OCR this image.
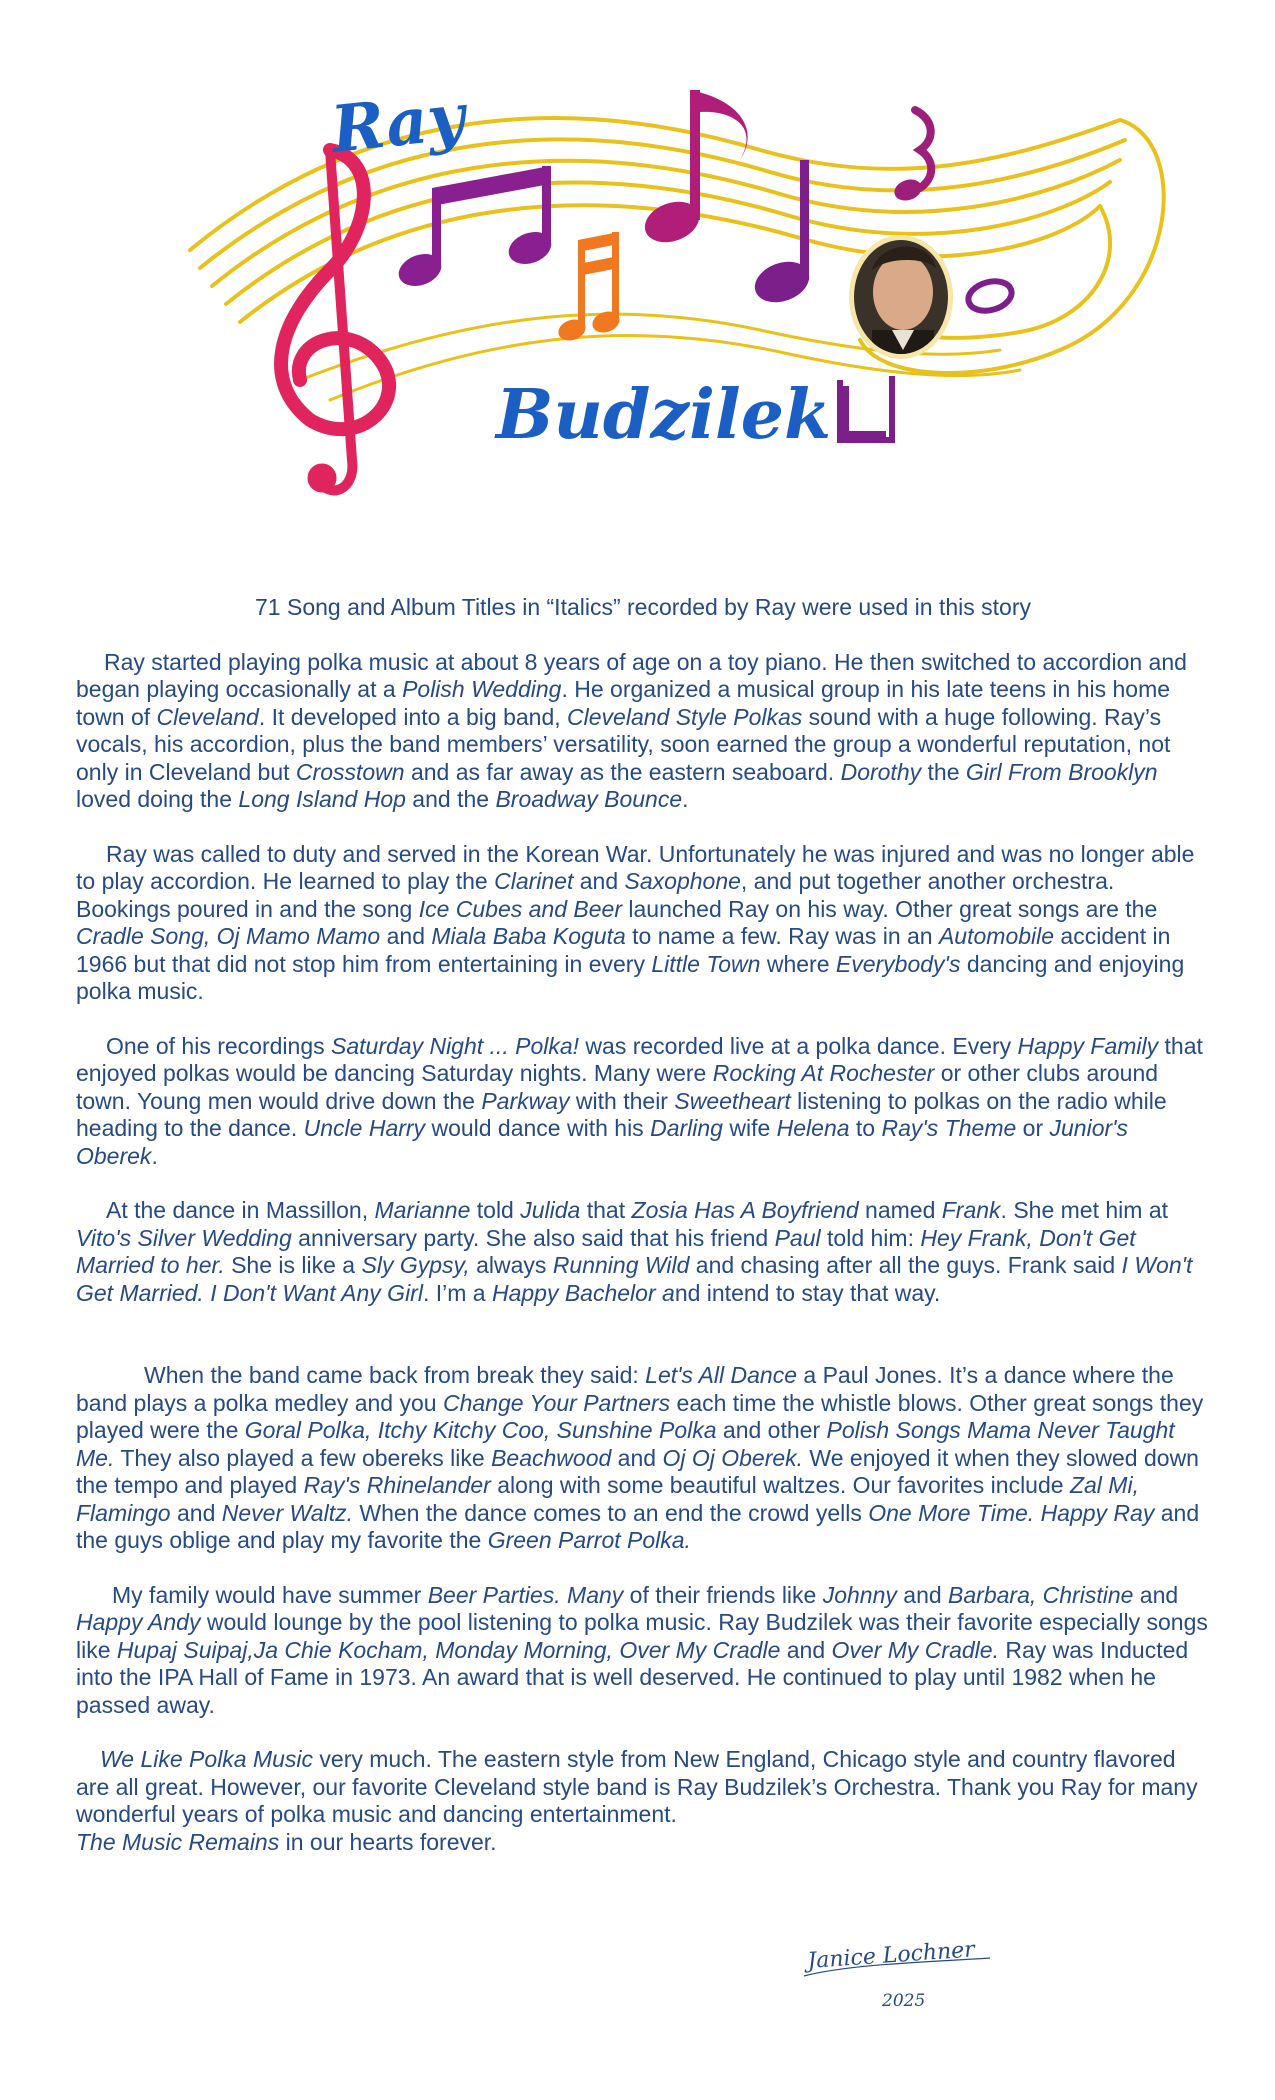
Ray
Budzilek

71 Song and Album Titles in “Italics” recorded by Ray were used in this story

Ray started playing polka music at about 8 years of age on a toy piano. He then switched to accordion and began playing occasionally at a Polish Wedding. He organized a musical group in his late teens in his home town of Cleveland. It developed into a big band, Cleveland Style Polkas sound with a huge following. Ray’s vocals, his accordion, plus the band members’ versatility, soon earned the group a wonderful reputation, not only in Cleveland but Crosstown and as far away as the eastern seaboard. Dorothy the Girl From Brooklyn loved doing the Long Island Hop and the Broadway Bounce.

Ray was called to duty and served in the Korean War. Unfortunately he was injured and was no longer able to play accordion. He learned to play the Clarinet and Saxophone, and put together another orchestra. Bookings poured in and the song Ice Cubes and Beer launched Ray on his way. Other great songs are the Cradle Song, Oj Mamo Mamo and Miala Baba Koguta to name a few. Ray was in an Automobile accident in 1966 but that did not stop him from entertaining in every Little Town where Everybody's dancing and enjoying polka music.

One of his recordings Saturday Night ... Polka! was recorded live at a polka dance. Every Happy Family that enjoyed polkas would be dancing Saturday nights. Many were Rocking At Rochester or other clubs around town. Young men would drive down the Parkway with their Sweetheart listening to polkas on the radio while heading to the dance. Uncle Harry would dance with his Darling wife Helena to Ray's Theme or Junior's Oberek.

At the dance in Massillon, Marianne told Julida that Zosia Has A Boyfriend named Frank. She met him at Vito's Silver Wedding anniversary party. She also said that his friend Paul told him: Hey Frank, Don't Get Married to her. She is like a Sly Gypsy, always Running Wild and chasing after all the guys. Frank said I Won't Get Married. I Don't Want Any Girl. I’m a Happy Bachelor and intend to stay that way.

When the band came back from break they said: Let's All Dance a Paul Jones. It’s a dance where the band plays a polka medley and you Change Your Partners each time the whistle blows. Other great songs they played were the Goral Polka, Itchy Kitchy Coo, Sunshine Polka and other Polish Songs Mama Never Taught Me. They also played a few obereks like Beachwood and Oj Oj Oberek. We enjoyed it when they slowed down the tempo and played Ray's Rhinelander along with some beautiful waltzes. Our favorites include Zal Mi, Flamingo and Never Waltz. When the dance comes to an end the crowd yells One More Time. Happy Ray and the guys oblige and play my favorite the Green Parrot Polka.

My family would have summer Beer Parties. Many of their friends like Johnny and Barbara, Christine and Happy Andy would lounge by the pool listening to polka music. Ray Budzilek was their favorite especially songs like Hupaj Suipaj,Ja Chie Kocham, Monday Morning, Over My Cradle and Over My Cradle. Ray was Inducted into the IPA Hall of Fame in 1973. An award that is well deserved. He continued to play until 1982 when he passed away.

We Like Polka Music very much. The eastern style from New England, Chicago style and country flavored are all great. However, our favorite Cleveland style band is Ray Budzilek’s Orchestra. Thank you Ray for many wonderful years of polka music and dancing entertainment.

The Music Remains in our hearts forever.

Janice Lochner
2025
